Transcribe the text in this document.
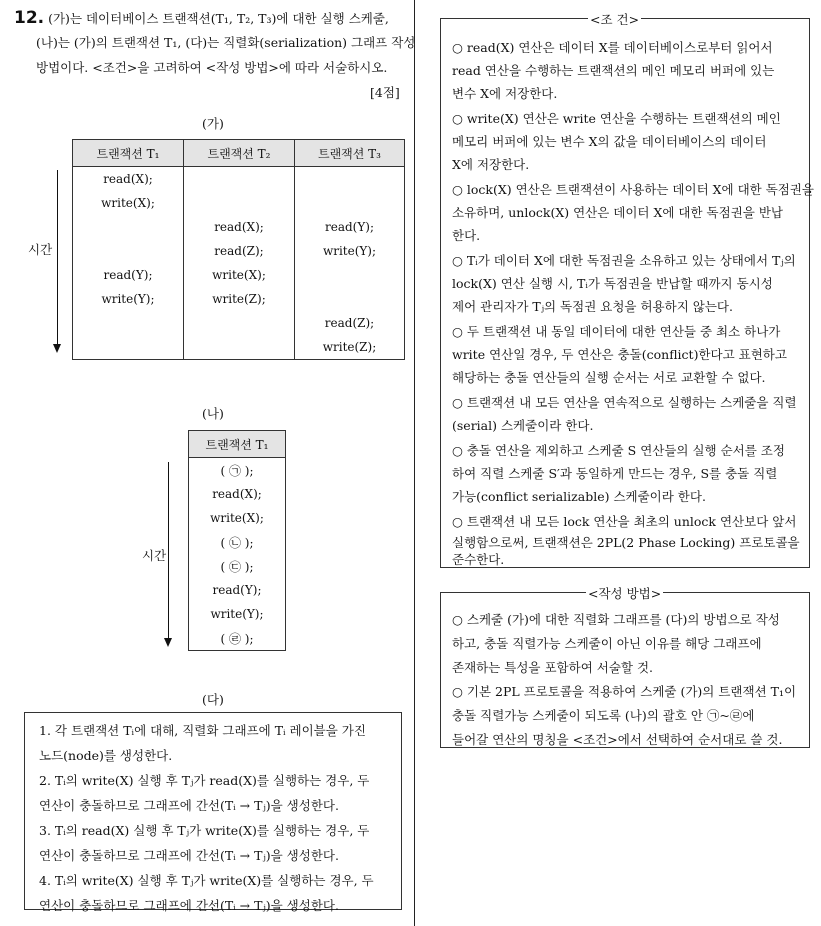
12. (가)는 데이터베이스 트랜잭션(T₁, T₂, T₃)에 대한 실행 스케줄,
(나)는 (가)의 트랜잭션 T₁, (다)는 직렬화(serialization) 그래프 작성
방법이다. <조건>을 고려하여 <작성 방법>에 따라 서술하시오.
[4점]
(가)
시간
트랜잭션 T₁	트랜잭션 T₂	트랜잭션 T₃
read(X);		
write(X);		
	read(X);	read(Y);
	read(Z);	write(Y);
read(Y);	write(X);	
write(Y);	write(Z);	
		read(Z);
		write(Z);
(나)
시간
트랜잭션 T₁
( ㉠ );
read(X);
write(X);
( ㉡ );
( ㉢ );
read(Y);
write(Y);
( ㉣ );
(다)
1. 각 트랜잭션 Tᵢ에 대해, 직렬화 그래프에 Tᵢ 레이블을 가진
노드(node)를 생성한다.
2. Tᵢ의 write(X) 실행 후 Tⱼ가 read(X)를 실행하는 경우, 두
연산이 충돌하므로 그래프에 간선(Tᵢ → Tⱼ)을 생성한다.
3. Tᵢ의 read(X) 실행 후 Tⱼ가 write(X)를 실행하는 경우, 두
연산이 충돌하므로 그래프에 간선(Tᵢ → Tⱼ)을 생성한다.
4. Tᵢ의 write(X) 실행 후 Tⱼ가 write(X)를 실행하는 경우, 두
연산이 충돌하므로 그래프에 간선(Tᵢ → Tⱼ)을 생성한다.
<조 건>
○ read(X) 연산은 데이터 X를 데이터베이스로부터 읽어서
read 연산을 수행하는 트랜잭션의 메인 메모리 버퍼에 있는
변수 X에 저장한다.
○ write(X) 연산은 write 연산을 수행하는 트랜잭션의 메인
메모리 버퍼에 있는 변수 X의 값을 데이터베이스의 데이터
X에 저장한다.
○ lock(X) 연산은 트랜잭션이 사용하는 데이터 X에 대한 독점권을
소유하며, unlock(X) 연산은 데이터 X에 대한 독점권을 반납
한다.
○ Tᵢ가 데이터 X에 대한 독점권을 소유하고 있는 상태에서 Tⱼ의
lock(X) 연산 실행 시, Tᵢ가 독점권을 반납할 때까지 동시성
제어 관리자가 Tⱼ의 독점권 요청을 허용하지 않는다.
○ 두 트랜잭션 내 동일 데이터에 대한 연산들 중 최소 하나가
write 연산일 경우, 두 연산은 충돌(conflict)한다고 표현하고
해당하는 충돌 연산들의 실행 순서는 서로 교환할 수 없다.
○ 트랜잭션 내 모든 연산을 연속적으로 실행하는 스케줄을 직렬
(serial) 스케줄이라 한다.
○ 충돌 연산을 제외하고 스케줄 S 연산들의 실행 순서를 조정
하여 직렬 스케줄 S′과 동일하게 만드는 경우, S를 충돌 직렬
가능(conflict serializable) 스케줄이라 한다.
○ 트랜잭션 내 모든 lock 연산을 최초의 unlock 연산보다 앞서
실행함으로써, 트랜잭션은 2PL(2 Phase Locking) 프로토콜을
준수한다.
<작성 방법>
○ 스케줄 (가)에 대한 직렬화 그래프를 (다)의 방법으로 작성
하고, 충돌 직렬가능 스케줄이 아닌 이유를 해당 그래프에
존재하는 특성을 포함하여 서술할 것.
○ 기본 2PL 프로토콜을 적용하여 스케줄 (가)의 트랜잭션 T₁이
충돌 직렬가능 스케줄이 되도록 (나)의 괄호 안 ㉠~㉣에
들어갈 연산의 명칭을 <조건>에서 선택하여 순서대로 쓸 것.
